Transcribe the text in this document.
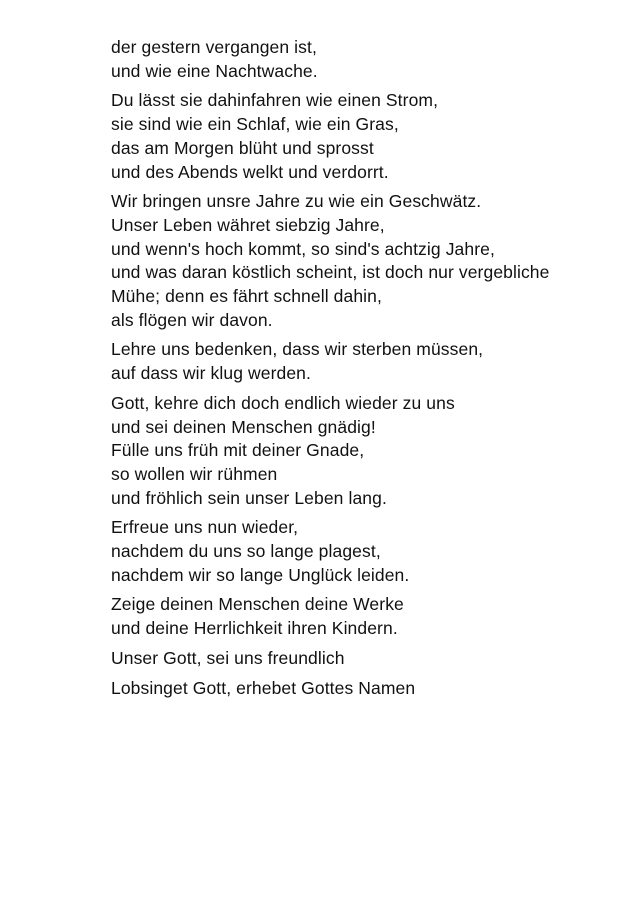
der gestern vergangen ist,
und wie eine Nachtwache.
Du lässt sie dahinfahren wie einen Strom,
sie sind wie ein Schlaf, wie ein Gras,
das am Morgen blüht und sprosst
und des Abends welkt und verdorrt.
Wir bringen unsre Jahre zu wie ein Geschwätz.
Unser Leben währet siebzig Jahre,
und wenn's hoch kommt, so sind's achtzig Jahre,
und was daran köstlich scheint, ist doch nur vergebliche
Mühe; denn es fährt schnell dahin,
als flögen wir davon.
Lehre uns bedenken, dass wir sterben müssen,
auf dass wir klug werden.
Gott, kehre dich doch endlich wieder zu uns
und sei deinen Menschen gnädig!
Fülle uns früh mit deiner Gnade,
so wollen wir rühmen
und fröhlich sein unser Leben lang.
Erfreue uns nun wieder,
nachdem du uns so lange plagest,
nachdem wir so lange Unglück leiden.
Zeige deinen Menschen deine Werke
und deine Herrlichkeit ihren Kindern.
Unser Gott, sei uns freundlich
Lobsinget Gott, erhebet Gottes Namen
